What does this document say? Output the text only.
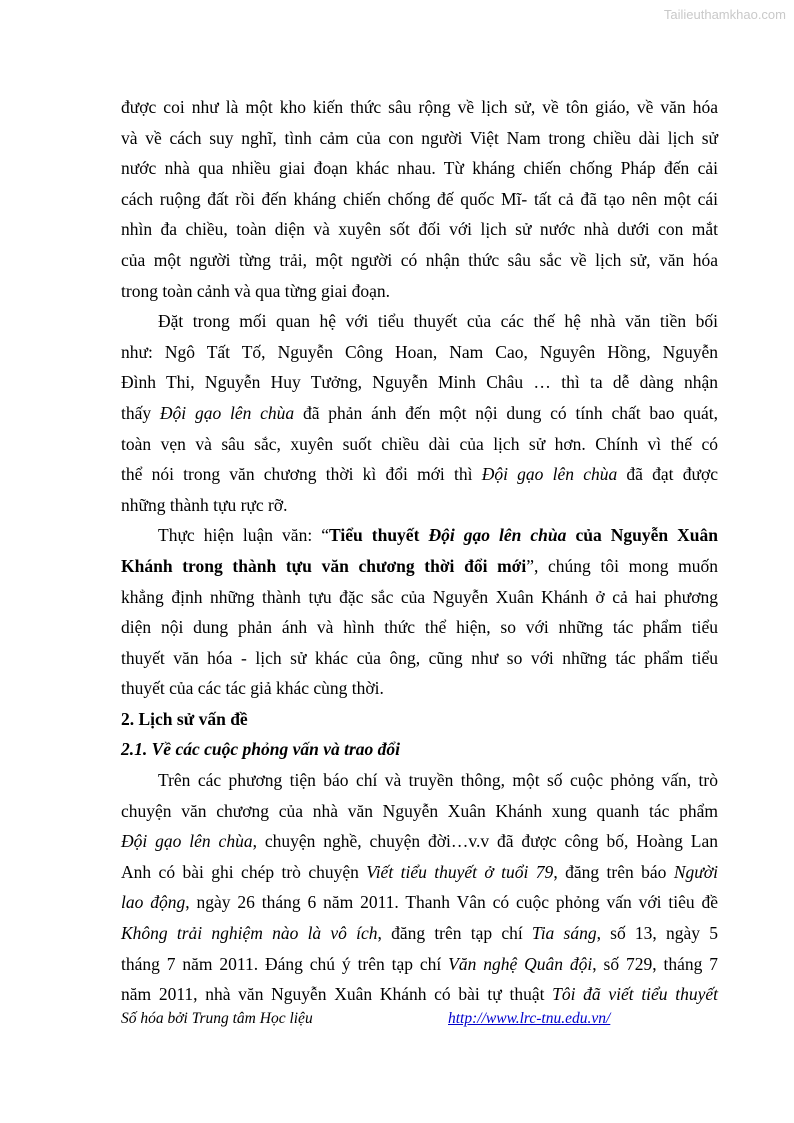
Tailieuthamkhao.com
được coi như là một kho kiến thức sâu rộng về lịch sử, về tôn giáo, về văn hóa
và về cách suy nghĩ, tình cảm của con người Việt Nam trong chiều dài lịch sử
nước nhà qua nhiều giai đoạn khác nhau. Từ kháng chiến chống Pháp đến cải
cách ruộng đất rồi đến kháng chiến chống đế quốc Mĩ- tất cả đã tạo nên một cái
nhìn đa chiều, toàn diện và xuyên sốt đối với lịch sử nước nhà dưới con mắt
của một người từng trải, một người có nhận thức sâu sắc về lịch sử, văn hóa
trong toàn cảnh và qua từng giai đoạn.
Đặt trong mối quan hệ với tiểu thuyết của các thế hệ nhà văn tiền bối
như: Ngô Tất Tố, Nguyễn Công Hoan, Nam Cao, Nguyên Hồng, Nguyễn
Đình Thi, Nguyễn Huy Tưởng, Nguyễn Minh Châu … thì ta dễ dàng nhận
thấy Đội gạo lên chùa đã phản ánh đến một nội dung có tính chất bao quát,
toàn vẹn và sâu sắc, xuyên suốt chiều dài của lịch sử hơn. Chính vì thế có
thể nói trong văn chương thời kì đổi mới thì Đội gạo lên chùa đã đạt được
những thành tựu rực rỡ.
Thực hiện luận văn: “Tiểu thuyết Đội gạo lên chùa của Nguyễn Xuân
Khánh trong thành tựu văn chương thời đổi mới”, chúng tôi mong muốn
khẳng định những thành tựu đặc sắc của Nguyễn Xuân Khánh ở cả hai phương
diện nội dung phản ánh và hình thức thể hiện, so với những tác phẩm tiểu
thuyết văn hóa - lịch sử khác của ông, cũng như so với những tác phẩm tiểu
thuyết của các tác giả khác cùng thời.
2. Lịch sử vấn đề
2.1. Về các cuộc phỏng vấn và trao đổi
Trên các phương tiện báo chí và truyền thông, một số cuộc phỏng vấn, trò
chuyện văn chương của nhà văn Nguyễn Xuân Khánh xung quanh tác phẩm
Đội gạo lên chùa, chuyện nghề, chuyện đời…v.v đã được công bố, Hoàng Lan
Anh có bài ghi chép trò chuyện Viết tiểu thuyết ở tuổi 79, đăng trên báo Người
lao động, ngày 26 tháng 6 năm 2011. Thanh Vân có cuộc phỏng vấn với tiêu đề
Không trải nghiệm nào là vô ích, đăng trên tạp chí Tia sáng, số 13, ngày 5
tháng 7 năm 2011. Đáng chú ý trên tạp chí Văn nghệ Quân đội, số 729, tháng 7
năm 2011, nhà văn Nguyễn Xuân Khánh có bài tự thuật Tôi đã viết tiểu thuyết
Số hóa bởi Trung tâm Học liệu	http://www.lrc-tnu.edu.vn/
